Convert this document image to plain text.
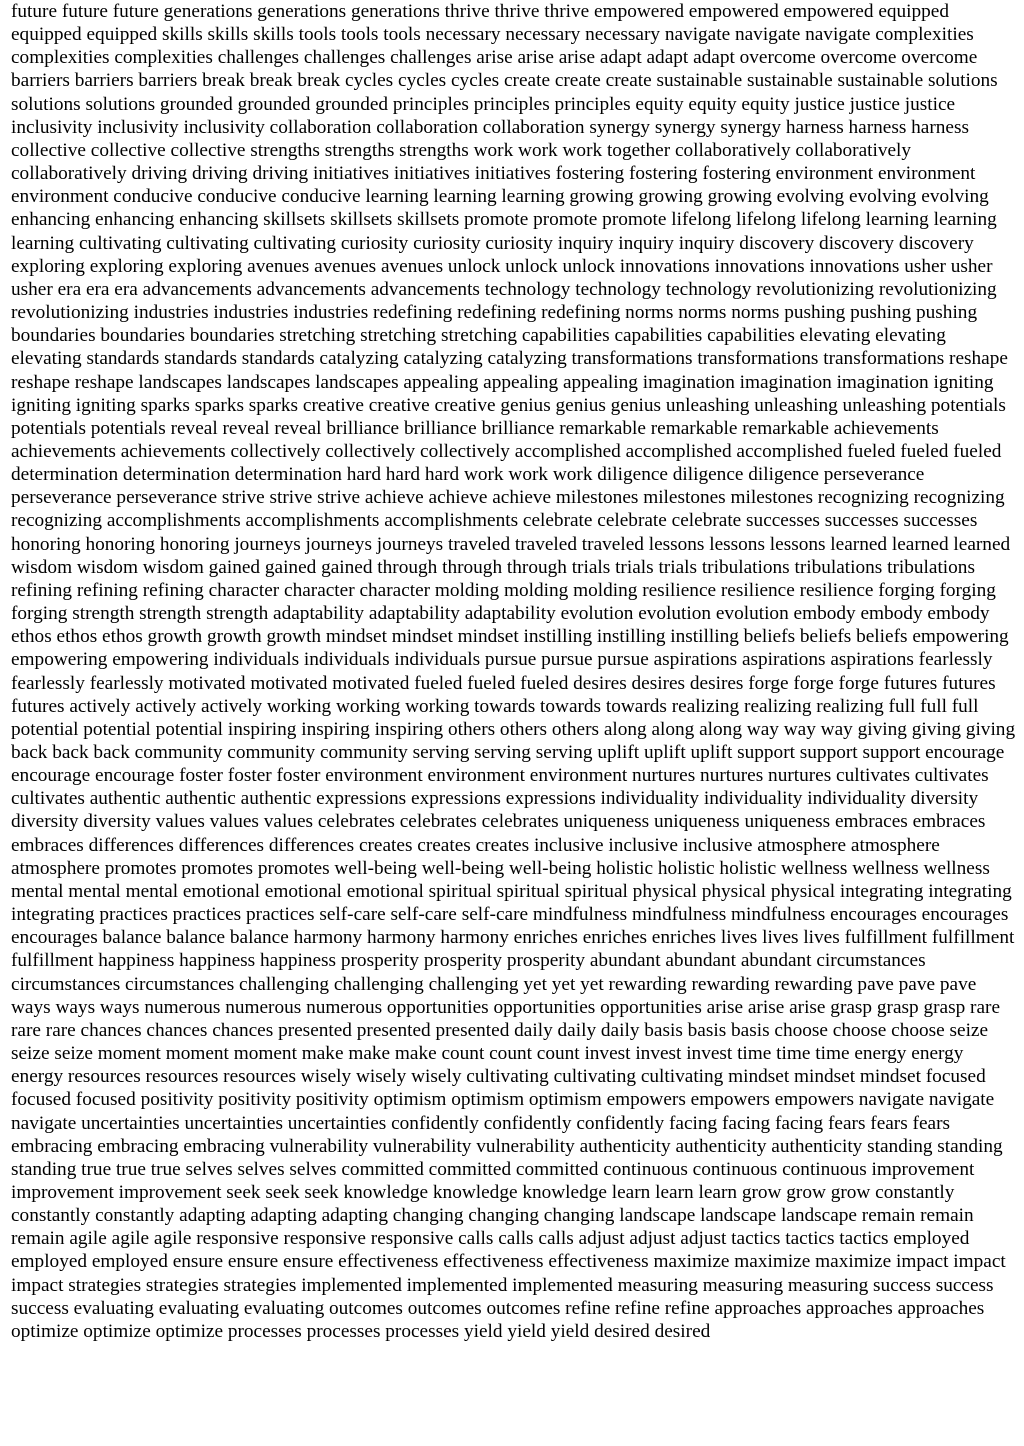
future future future generations generations generations thrive thrive thrive empowered empowered empowered equipped equipped equipped skills skills skills tools tools tools necessary necessary necessary navigate navigate navigate complexities complexities complexities challenges challenges challenges arise arise arise adapt adapt adapt overcome overcome overcome barriers barriers barriers break break break cycles cycles cycles create create create sustainable sustainable sustainable solutions solutions solutions grounded grounded grounded principles principles principles equity equity equity justice justice justice inclusivity inclusivity inclusivity collaboration collaboration collaboration synergy synergy synergy harness harness harness collective collective collective strengths strengths strengths work work work together collaboratively collaboratively collaboratively driving driving driving initiatives initiatives initiatives fostering fostering fostering environment environment environment conducive conducive conducive learning learning learning growing growing growing evolving evolving evolving enhancing enhancing enhancing skillsets skillsets skillsets promote promote promote lifelong lifelong lifelong learning learning learning cultivating cultivating cultivating curiosity curiosity curiosity inquiry inquiry inquiry discovery discovery discovery exploring exploring exploring avenues avenues avenues unlock unlock unlock innovations innovations innovations usher usher usher era era era advancements advancements advancements technology technology technology revolutionizing revolutionizing revolutionizing industries industries industries redefining redefining redefining norms norms norms pushing pushing pushing boundaries boundaries boundaries stretching stretching stretching capabilities capabilities capabilities elevating elevating elevating standards standards standards catalyzing catalyzing catalyzing transformations transformations transformations reshape reshape reshape landscapes landscapes landscapes appealing appealing appealing imagination imagination imagination igniting igniting igniting sparks sparks sparks creative creative creative genius genius genius unleashing unleashing unleashing potentials potentials potentials reveal reveal reveal brilliance brilliance brilliance remarkable remarkable remarkable achievements achievements achievements collectively collectively collectively accomplished accomplished accomplished fueled fueled fueled determination determination determination hard hard hard work work work diligence diligence diligence perseverance perseverance perseverance strive strive strive achieve achieve achieve milestones milestones milestones recognizing recognizing recognizing accomplishments accomplishments accomplishments celebrate celebrate celebrate successes successes successes honoring honoring honoring journeys journeys journeys traveled traveled traveled lessons lessons lessons learned learned learned wisdom wisdom wisdom gained gained gained through through through trials trials trials tribulations tribulations tribulations refining refining refining character character character molding molding molding resilience resilience resilience forging forging forging strength strength strength adaptability adaptability adaptability evolution evolution evolution embody embody embody ethos ethos ethos growth growth growth mindset mindset mindset instilling instilling instilling beliefs beliefs beliefs empowering empowering empowering individuals individuals individuals pursue pursue pursue aspirations aspirations aspirations fearlessly fearlessly fearlessly motivated motivated motivated fueled fueled fueled desires desires desires forge forge forge futures futures futures actively actively actively working working working towards towards towards realizing realizing realizing full full full potential potential potential inspiring inspiring inspiring others others others along along along way way way giving giving giving back back back community community community serving serving serving uplift uplift uplift support support support encourage encourage encourage foster foster foster environment environment environment nurtures nurtures nurtures cultivates cultivates cultivates authentic authentic authentic expressions expressions expressions individuality individuality individuality diversity diversity diversity values values values celebrates celebrates celebrates uniqueness uniqueness uniqueness embraces embraces embraces differences differences differences creates creates creates inclusive inclusive inclusive atmosphere atmosphere atmosphere promotes promotes promotes well-being well-being well-being holistic holistic holistic wellness wellness wellness mental mental mental emotional emotional emotional spiritual spiritual spiritual physical physical physical integrating integrating integrating practices practices practices self-care self-care self-care mindfulness mindfulness mindfulness encourages encourages encourages balance balance balance harmony harmony harmony enriches enriches enriches lives lives lives fulfillment fulfillment fulfillment happiness happiness happiness prosperity prosperity prosperity abundant abundant abundant circumstances circumstances circumstances challenging challenging challenging yet yet yet rewarding rewarding rewarding pave pave pave ways ways ways numerous numerous numerous opportunities opportunities opportunities arise arise arise grasp grasp grasp rare rare rare chances chances chances presented presented presented daily daily daily basis basis basis choose choose choose seize seize seize moment moment moment make make make count count count invest invest invest time time time energy energy energy resources resources resources wisely wisely wisely cultivating cultivating cultivating mindset mindset mindset focused focused focused positivity positivity positivity optimism optimism optimism empowers empowers empowers navigate navigate navigate uncertainties uncertainties uncertainties confidently confidently confidently facing facing facing fears fears fears embracing embracing embracing vulnerability vulnerability vulnerability authenticity authenticity authenticity standing standing standing true true true selves selves selves committed committed committed continuous continuous continuous improvement improvement improvement seek seek seek knowledge knowledge knowledge learn learn learn grow grow grow constantly constantly constantly adapting adapting adapting changing changing changing landscape landscape landscape remain remain remain agile agile agile responsive responsive responsive calls calls calls adjust adjust adjust tactics tactics tactics employed employed employed ensure ensure ensure effectiveness effectiveness effectiveness maximize maximize maximize impact impact impact strategies strategies strategies implemented implemented implemented measuring measuring measuring success success success evaluating evaluating evaluating outcomes outcomes outcomes refine refine refine approaches approaches approaches optimize optimize optimize processes processes processes yield yield yield desired desired
